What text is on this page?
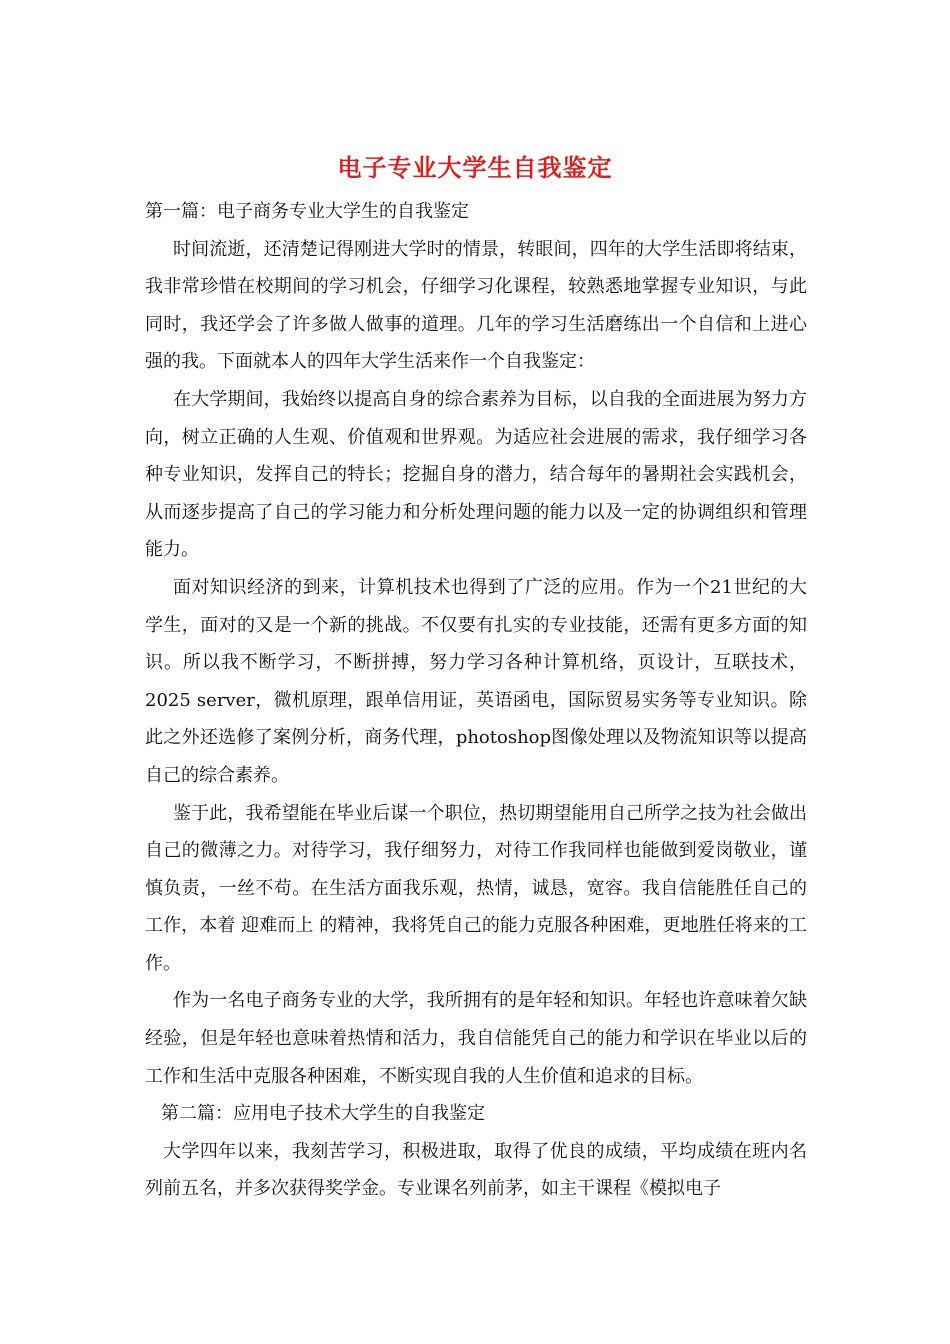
电子专业大学生自我鉴定

第一篇：电子商务专业大学生的自我鉴定

时间流逝，还清楚记得刚进大学时的情景，转眼间，四年的大学生活即将结束，我非常珍惜在校期间的学习机会，仔细学习化课程，较熟悉地掌握专业知识，与此同时，我还学会了许多做人做事的道理。几年的学习生活磨练出一个自信和上进心强的我。下面就本人的四年大学生活来作一个自我鉴定：

在大学期间，我始终以提高自身的综合素养为目标，以自我的全面进展为努力方向，树立正确的人生观、价值观和世界观。为适应社会进展的需求，我仔细学习各种专业知识，发挥自己的特长；挖掘自身的潜力，结合每年的暑期社会实践机会，从而逐步提高了自己的学习能力和分析处理问题的能力以及一定的协调组织和管理能力。

面对知识经济的到来，计算机技术也得到了广泛的应用。作为一个21世纪的大学生，面对的又是一个新的挑战。不仅要有扎实的专业技能，还需有更多方面的知识。所以我不断学习，不断拼搏，努力学习各种计算机络，页设计，互联技术，2025 server，微机原理，跟单信用证，英语函电，国际贸易实务等专业知识。除此之外还选修了案例分析，商务代理，photoshop图像处理以及物流知识等以提高自己的综合素养。

鉴于此，我希望能在毕业后谋一个职位，热切期望能用自己所学之技为社会做出自己的微薄之力。对待学习，我仔细努力，对待工作我同样也能做到爱岗敬业，谨慎负责，一丝不苟。在生活方面我乐观，热情，诚恳，宽容。我自信能胜任自己的工作，本着 迎难而上 的精神，我将凭自己的能力克服各种困难，更地胜任将来的工作。

作为一名电子商务专业的大学，我所拥有的是年轻和知识。年轻也许意味着欠缺经验，但是年轻也意味着热情和活力，我自信能凭自己的能力和学识在毕业以后的工作和生活中克服各种困难，不断实现自我的人生价值和追求的目标。

第二篇：应用电子技术大学生的自我鉴定

大学四年以来，我刻苦学习，积极进取，取得了优良的成绩，平均成绩在班内名列前五名，并多次获得奖学金。专业课名列前茅，如主干课程《模拟电子
